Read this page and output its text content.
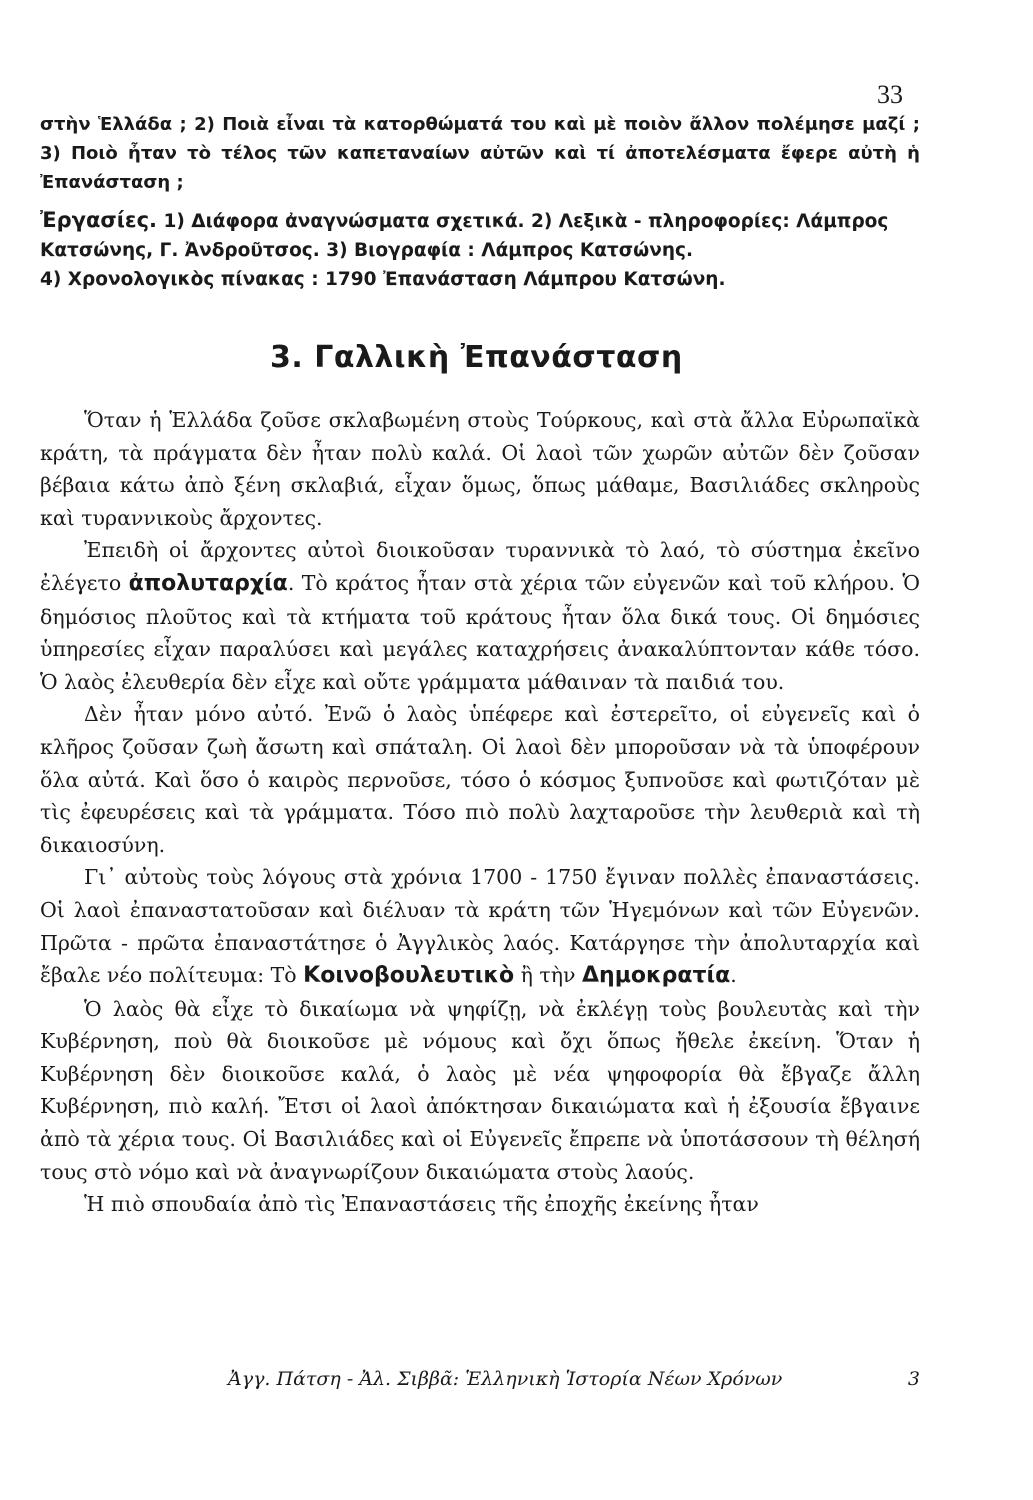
33
στὴν Ἑλλάδα ; 2) Ποιὰ εἶναι τὰ κατορθώματά του καὶ μὲ ποιὸν ἄλλον πολέμησε μαζί ; 3) Ποιὸ ἦταν τὸ τέλος τῶν καπεταναίων αὐτῶν καὶ τί ἀποτελέσματα ἔφερε αὐτὴ ἡ Ἐπανάσταση ;
Ἐργασίες. 1) Διάφορα ἀναγνώσματα σχετικά. 2) Λεξικὰ - πληροφορίες: Λάμπρος Κατσώνης, Γ. Ἀνδροῦτσος. 3) Βιογραφία : Λάμπρος Κατσώνης.
4) Χρονολογικὸς πίνακας : 1790 Ἐπανάσταση Λάμπρου Κατσώνη.
3. Γαλλικὴ Ἐπανάσταση

Ὅταν ἡ Ἑλλάδα ζοῦσε σκλαβωμένη στοὺς Τούρκους, καὶ στὰ ἄλλα Εὐρωπαϊκὰ κράτη, τὰ πράγματα δὲν ἦταν πολὺ καλά. Οἱ λαοὶ τῶν χωρῶν αὐτῶν δὲν ζοῦσαν βέβαια κάτω ἀπὸ ξένη σκλαβιά, εἶχαν ὅμως, ὅπως μάθαμε, Βασιλιάδες σκληροὺς καὶ τυραννικοὺς ἄρχοντες.

Ἐπειδὴ οἱ ἄρχοντες αὐτοὶ διοικοῦσαν τυραννικὰ τὸ λαό, τὸ σύστημα ἐκεῖνο ἐλέγετο ἀπολυταρχία. Τὸ κράτος ἦταν στὰ χέρια τῶν εὐγενῶν καὶ τοῦ κλήρου. Ὁ δημόσιος πλοῦτος καὶ τὰ κτήματα τοῦ κράτους ἦταν ὅλα δικά τους. Οἱ δημόσιες ὑπηρεσίες εἶχαν παραλύσει καὶ μεγάλες καταχρήσεις ἀνακαλύπτονταν κάθε τόσο. Ὁ λαὸς ἐλευθερία δὲν εἶχε καὶ οὔτε γράμματα μάθαιναν τὰ παιδιά του.

Δὲν ἦταν μόνο αὐτό. Ἐνῶ ὁ λαὸς ὑπέφερε καὶ ἐστερεῖτο, οἱ εὐγενεῖς καὶ ὁ κλῆρος ζοῦσαν ζωὴ ἄσωτη καὶ σπάταλη. Οἱ λαοὶ δὲν μποροῦσαν νὰ τὰ ὑποφέρουν ὅλα αὐτά. Καὶ ὅσο ὁ καιρὸς περνοῦσε, τόσο ὁ κόσμος ξυπνοῦσε καὶ φωτιζόταν μὲ τὶς ἐφευρέσεις καὶ τὰ γράμματα. Τόσο πιὸ πολὺ λαχταροῦσε τὴν λευθεριὰ καὶ τὴ δικαιοσύνη.

Γι᾽ αὐτοὺς τοὺς λόγους στὰ χρόνια 1700 - 1750 ἔγιναν πολλὲς ἐπαναστάσεις. Οἱ λαοὶ ἐπαναστατοῦσαν καὶ διέλυαν τὰ κράτη τῶν Ἡγεμόνων καὶ τῶν Εὐγενῶν. Πρῶτα - πρῶτα ἐπαναστάτησε ὁ Ἀγγλικὸς λαός. Κατάργησε τὴν ἀπολυταρχία καὶ ἔβαλε νέο πολίτευμα: Τὸ Κοινοβουλευτικὸ ἢ τὴν Δημοκρατία.

Ὁ λαὸς θὰ εἶχε τὸ δικαίωμα νὰ ψηφίζῃ, νὰ ἐκλέγῃ τοὺς βουλευτὰς καὶ τὴν Κυβέρνηση, ποὺ θὰ διοικοῦσε μὲ νόμους καὶ ὄχι ὅπως ἤθελε ἐκείνη. Ὅταν ἡ Κυβέρνηση δὲν διοικοῦσε καλά, ὁ λαὸς μὲ νέα ψηφοφορία θὰ ἔβγαζε ἄλλη Κυβέρνηση, πιὸ καλή. Ἔτσι οἱ λαοὶ ἀπόκτησαν δικαιώματα καὶ ἡ ἐξουσία ἔβγαινε ἀπὸ τὰ χέρια τους. Οἱ Βασιλιάδες καὶ οἱ Εὐγενεῖς ἔπρεπε νὰ ὑποτάσσουν τὴ θέλησή τους στὸ νόμο καὶ νὰ ἀναγνωρίζουν δικαιώματα στοὺς λαούς.

Ἡ πιὸ σπουδαία ἀπὸ τὶς Ἐπαναστάσεις τῆς ἐποχῆς ἐκείνης ἦταν

Ἀγγ. Πάτση - Ἀλ. Σιββᾶ: Ἑλληνικὴ Ἱστορία Νέων Χρόνων	3
